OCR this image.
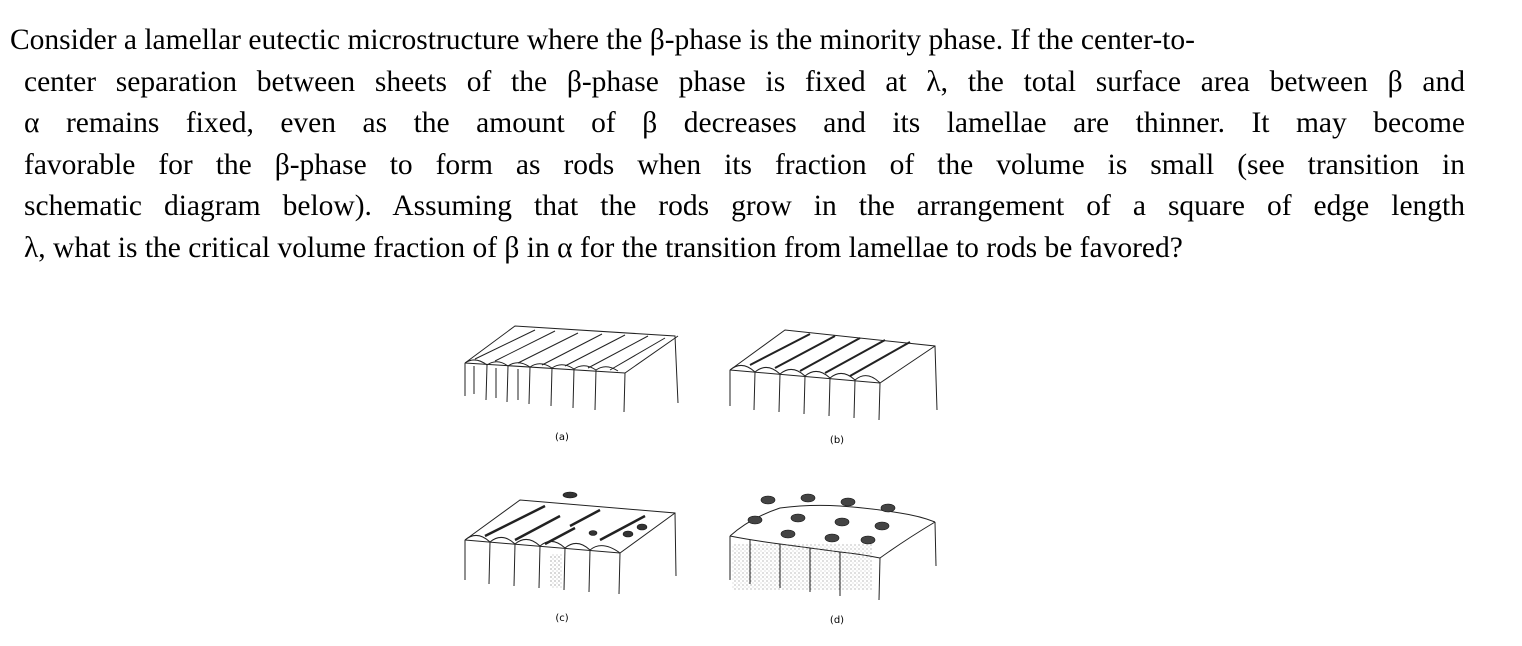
Consider a lamellar eutectic microstructure where the β-phase is the minority phase. If the center-to-
center separation between sheets of the β-phase phase is fixed at λ, the total surface area between β and
α remains fixed, even as the amount of β decreases and its lamellae are thinner. It may become
favorable for the β-phase to form as rods when its fraction of the volume is small (see transition in
schematic diagram below). Assuming that the rods grow in the arrangement of a square of edge length
λ, what is the critical volume fraction of β in α for the transition from lamellae to rods be favored?
(a)	(b)
(c)	(d)
